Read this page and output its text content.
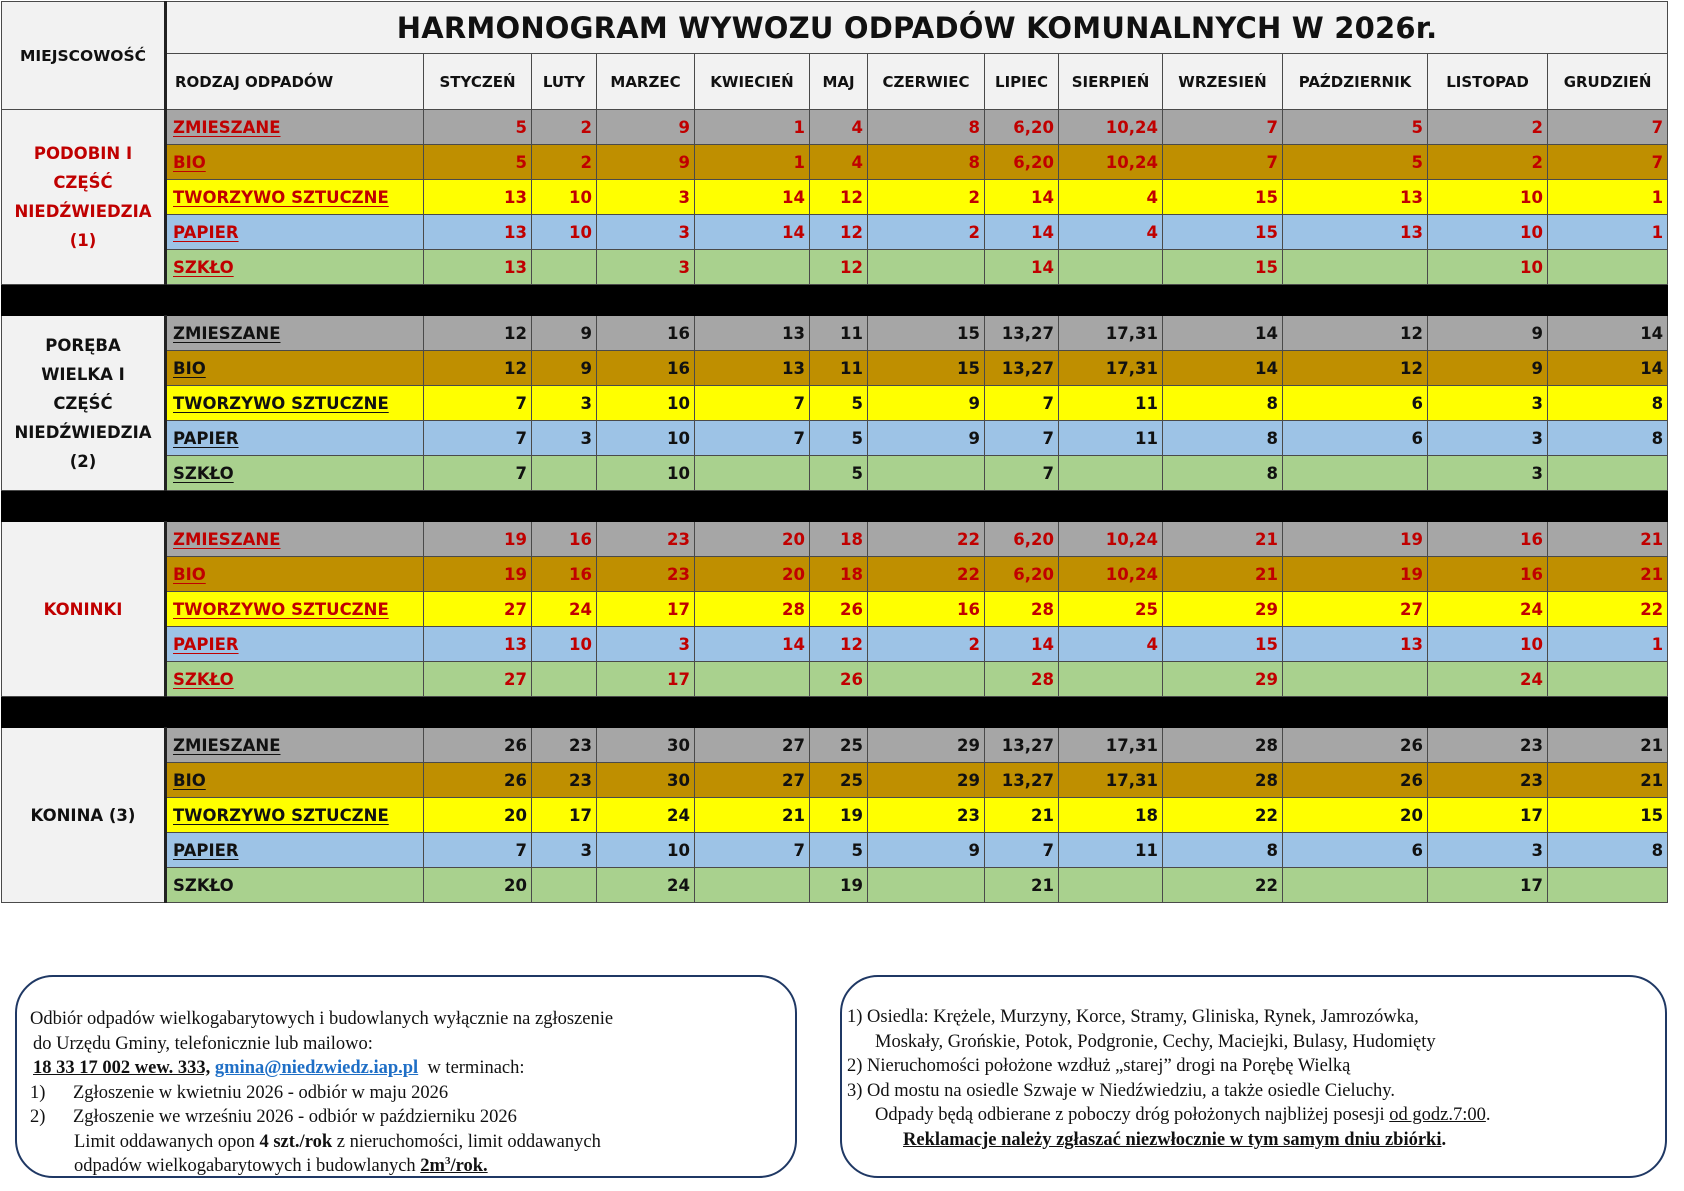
MIEJSCOWOŚĆ	HARMONOGRAM WYWOZU ODPADÓW KOMUNALNYCH W 2026r.												
	RODZAJ ODPADÓW	STYCZEŃ	LUTY	MARZEC	KWIECIEŃ	MAJ	CZERWIEC	LIPIEC	SIERPIEŃ	WRZESIEŃ	PAŹDZIERNIK	LISTOPAD	GRUDZIEŃ
PODOBIN I CZĘŚĆ NIEDŹWIEDZIA (1)	ZMIESZANE	5	2	9	1	4	8	6,20	10,24	7	5	2	7
	BIO	5	2	9	1	4	8	6,20	10,24	7	5	2	7
	TWORZYWO SZTUCZNE	13	10	3	14	12	2	14	4	15	13	10	1
	PAPIER	13	10	3	14	12	2	14	4	15	13	10	1
	SZKŁO	13		3		12		14		15		10	

PORĘBA WIELKA I CZĘŚĆ NIEDŹWIEDZIA (2)	ZMIESZANE	12	9	16	13	11	15	13,27	17,31	14	12	9	14
	BIO	12	9	16	13	11	15	13,27	17,31	14	12	9	14
	TWORZYWO SZTUCZNE	7	3	10	7	5	9	7	11	8	6	3	8
	PAPIER	7	3	10	7	5	9	7	11	8	6	3	8
	SZKŁO	7		10		5		7		8		3	

KONINKI	ZMIESZANE	19	16	23	20	18	22	6,20	10,24	21	19	16	21
	BIO	19	16	23	20	18	22	6,20	10,24	21	19	16	21
	TWORZYWO SZTUCZNE	27	24	17	28	26	16	28	25	29	27	24	22
	PAPIER	13	10	3	14	12	2	14	4	15	13	10	1
	SZKŁO	27		17		26		28		29		24	

KONINA (3)	ZMIESZANE	26	23	30	27	25	29	13,27	17,31	28	26	23	21
	BIO	26	23	30	27	25	29	13,27	17,31	28	26	23	21
	TWORZYWO SZTUCZNE	20	17	24	21	19	23	21	18	22	20	17	15
	PAPIER	7	3	10	7	5	9	7	11	8	6	3	8
	SZKŁO	20		24		19		21		22		17	

Odbiór odpadów wielkogabarytowych i budowlanych wyłącznie na zgłoszenie

do Urzędu Gminy, telefonicznie lub mailowo:

18 33 17 002 wew. 333, gmina@niedzwiedz.iap.pl w terminach:

1) Zgłoszenie w kwietniu 2026 - odbiór w maju 2026

2) Zgłoszenie we wrześniu 2026 - odbiór w październiku 2026

Limit oddawanych opon 4 szt./rok z nieruchomości, limit oddawanych

odpadów wielkogabarytowych i budowlanych $2m^3$/rok.

1) Osiedla: Krężele, Murzyny, Korce, Stramy, Gliniska, Rynek, Jamrozówka,

Moskały, Grońskie, Potok, Podgronie, Cechy, Maciejki, Bulasy, Hudomięty

2) Nieruchomości położone wzdłuż „starej” drogi na Porębę Wielką

3) Od mostu na osiedle Szwaje w Niedźwiedziu, a także osiedle Cieluchy.

Odpady będą odbierane z poboczy dróg położonych najbliżej posesji od godz.7:00.

Reklamacje należy zgłaszać niezwłocznie w tym samym dniu zbiórki.
